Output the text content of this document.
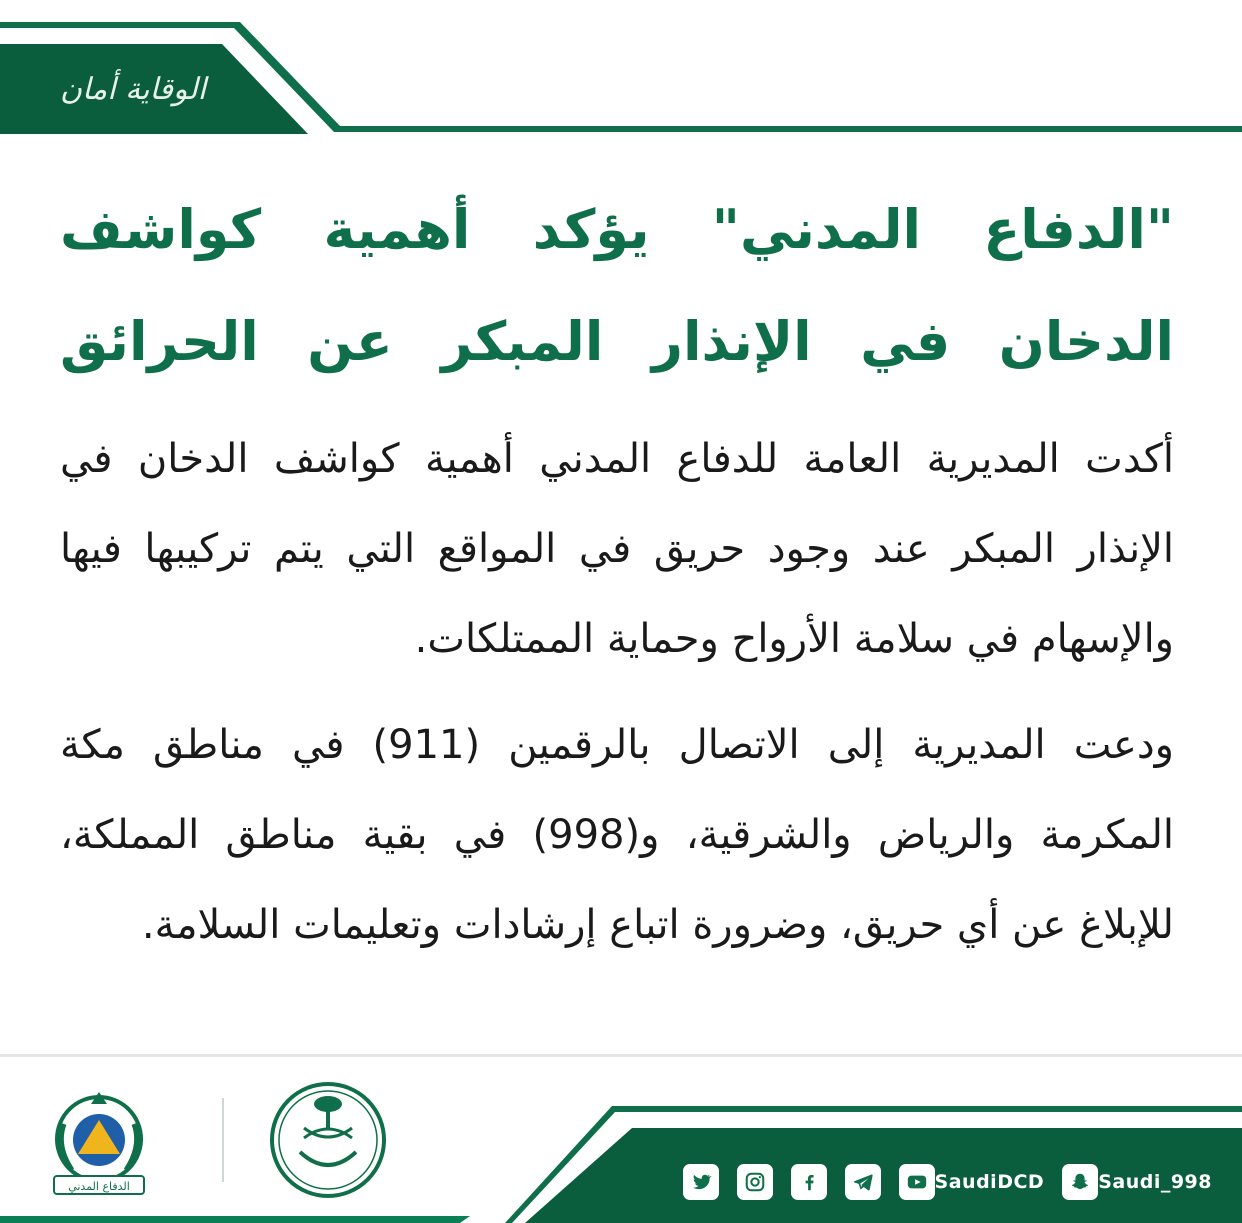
الوقاية أمان
"الدفاع المدني" يؤكد أهمية كواشف
الدخان في الإنذار المبكر عن الحرائق
أكدت المديرية العامة للدفاع المدني أهمية كواشف الدخان في الإنذار المبكر عند وجود حريق في المواقع التي يتم تركيبها فيها والإسهام في سلامة الأرواح وحماية الممتلكات.
ودعت المديرية إلى الاتصال بالرقمين (911) في مناطق مكة المكرمة والرياض والشرقية، و(998) في بقية مناطق المملكة، للإبلاغ عن أي حريق، وضرورة اتباع إرشادات وتعليمات السلامة.
الدفاع المدني	SaudiDCD	Saudi_998
